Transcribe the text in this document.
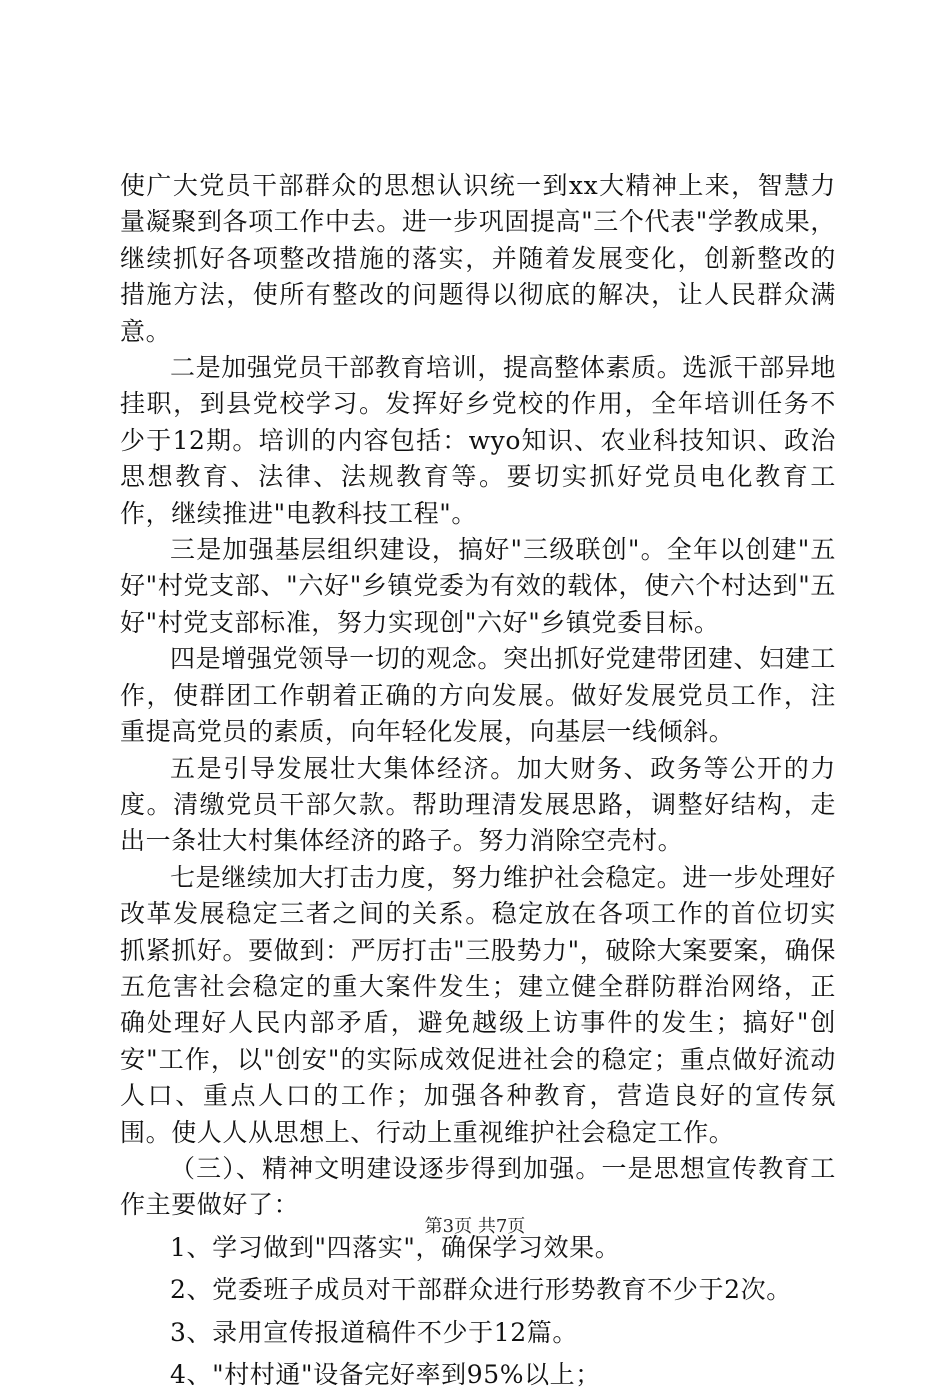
使广大党员干部群众的思想认识统一到xx大精神上来，智慧力量凝聚到各项工作中去。进一步巩固提高"三个代表"学教成果，继续抓好各项整改措施的落实，并随着发展变化，创新整改的措施方法，使所有整改的问题得以彻底的解决，让人民群众满意。

二是加强党员干部教育培训，提高整体素质。选派干部异地挂职，到县党校学习。发挥好乡党校的作用，全年培训任务不少于12期。培训的内容包括：wyo知识、农业科技知识、政治思想教育、法律、法规教育等。要切实抓好党员电化教育工作，继续推进"电教科技工程"。

三是加强基层组织建设，搞好"三级联创"。全年以创建"五好"村党支部、"六好"乡镇党委为有效的载体，使六个村达到"五好"村党支部标准，努力实现创"六好"乡镇党委目标。

四是增强党领导一切的观念。突出抓好党建带团建、妇建工作，使群团工作朝着正确的方向发展。做好发展党员工作，注重提高党员的素质，向年轻化发展，向基层一线倾斜。

五是引导发展壮大集体经济。加大财务、政务等公开的力度。清缴党员干部欠款。帮助理清发展思路，调整好结构，走出一条壮大村集体经济的路子。努力消除空壳村。

七是继续加大打击力度，努力维护社会稳定。进一步处理好改革发展稳定三者之间的关系。稳定放在各项工作的首位切实抓紧抓好。要做到：严厉打击"三股势力"，破除大案要案，确保五危害社会稳定的重大案件发生；建立健全群防群治网络，正确处理好人民内部矛盾，避免越级上访事件的发生；搞好"创安"工作，以"创安"的实际成效促进社会的稳定；重点做好流动人口、重点人口的工作；加强各种教育，营造良好的宣传氛围。使人人从思想上、行动上重视维护社会稳定工作。

（三）、精神文明建设逐步得到加强。一是思想宣传教育工作主要做好了：

1、学习做到"四落实"，确保学习效果。

2、党委班子成员对干部群众进行形势教育不少于2次。

3、录用宣传报道稿件不少于12篇。

4、"村村通"设备完好率到95%以上；

第3页 共7页
